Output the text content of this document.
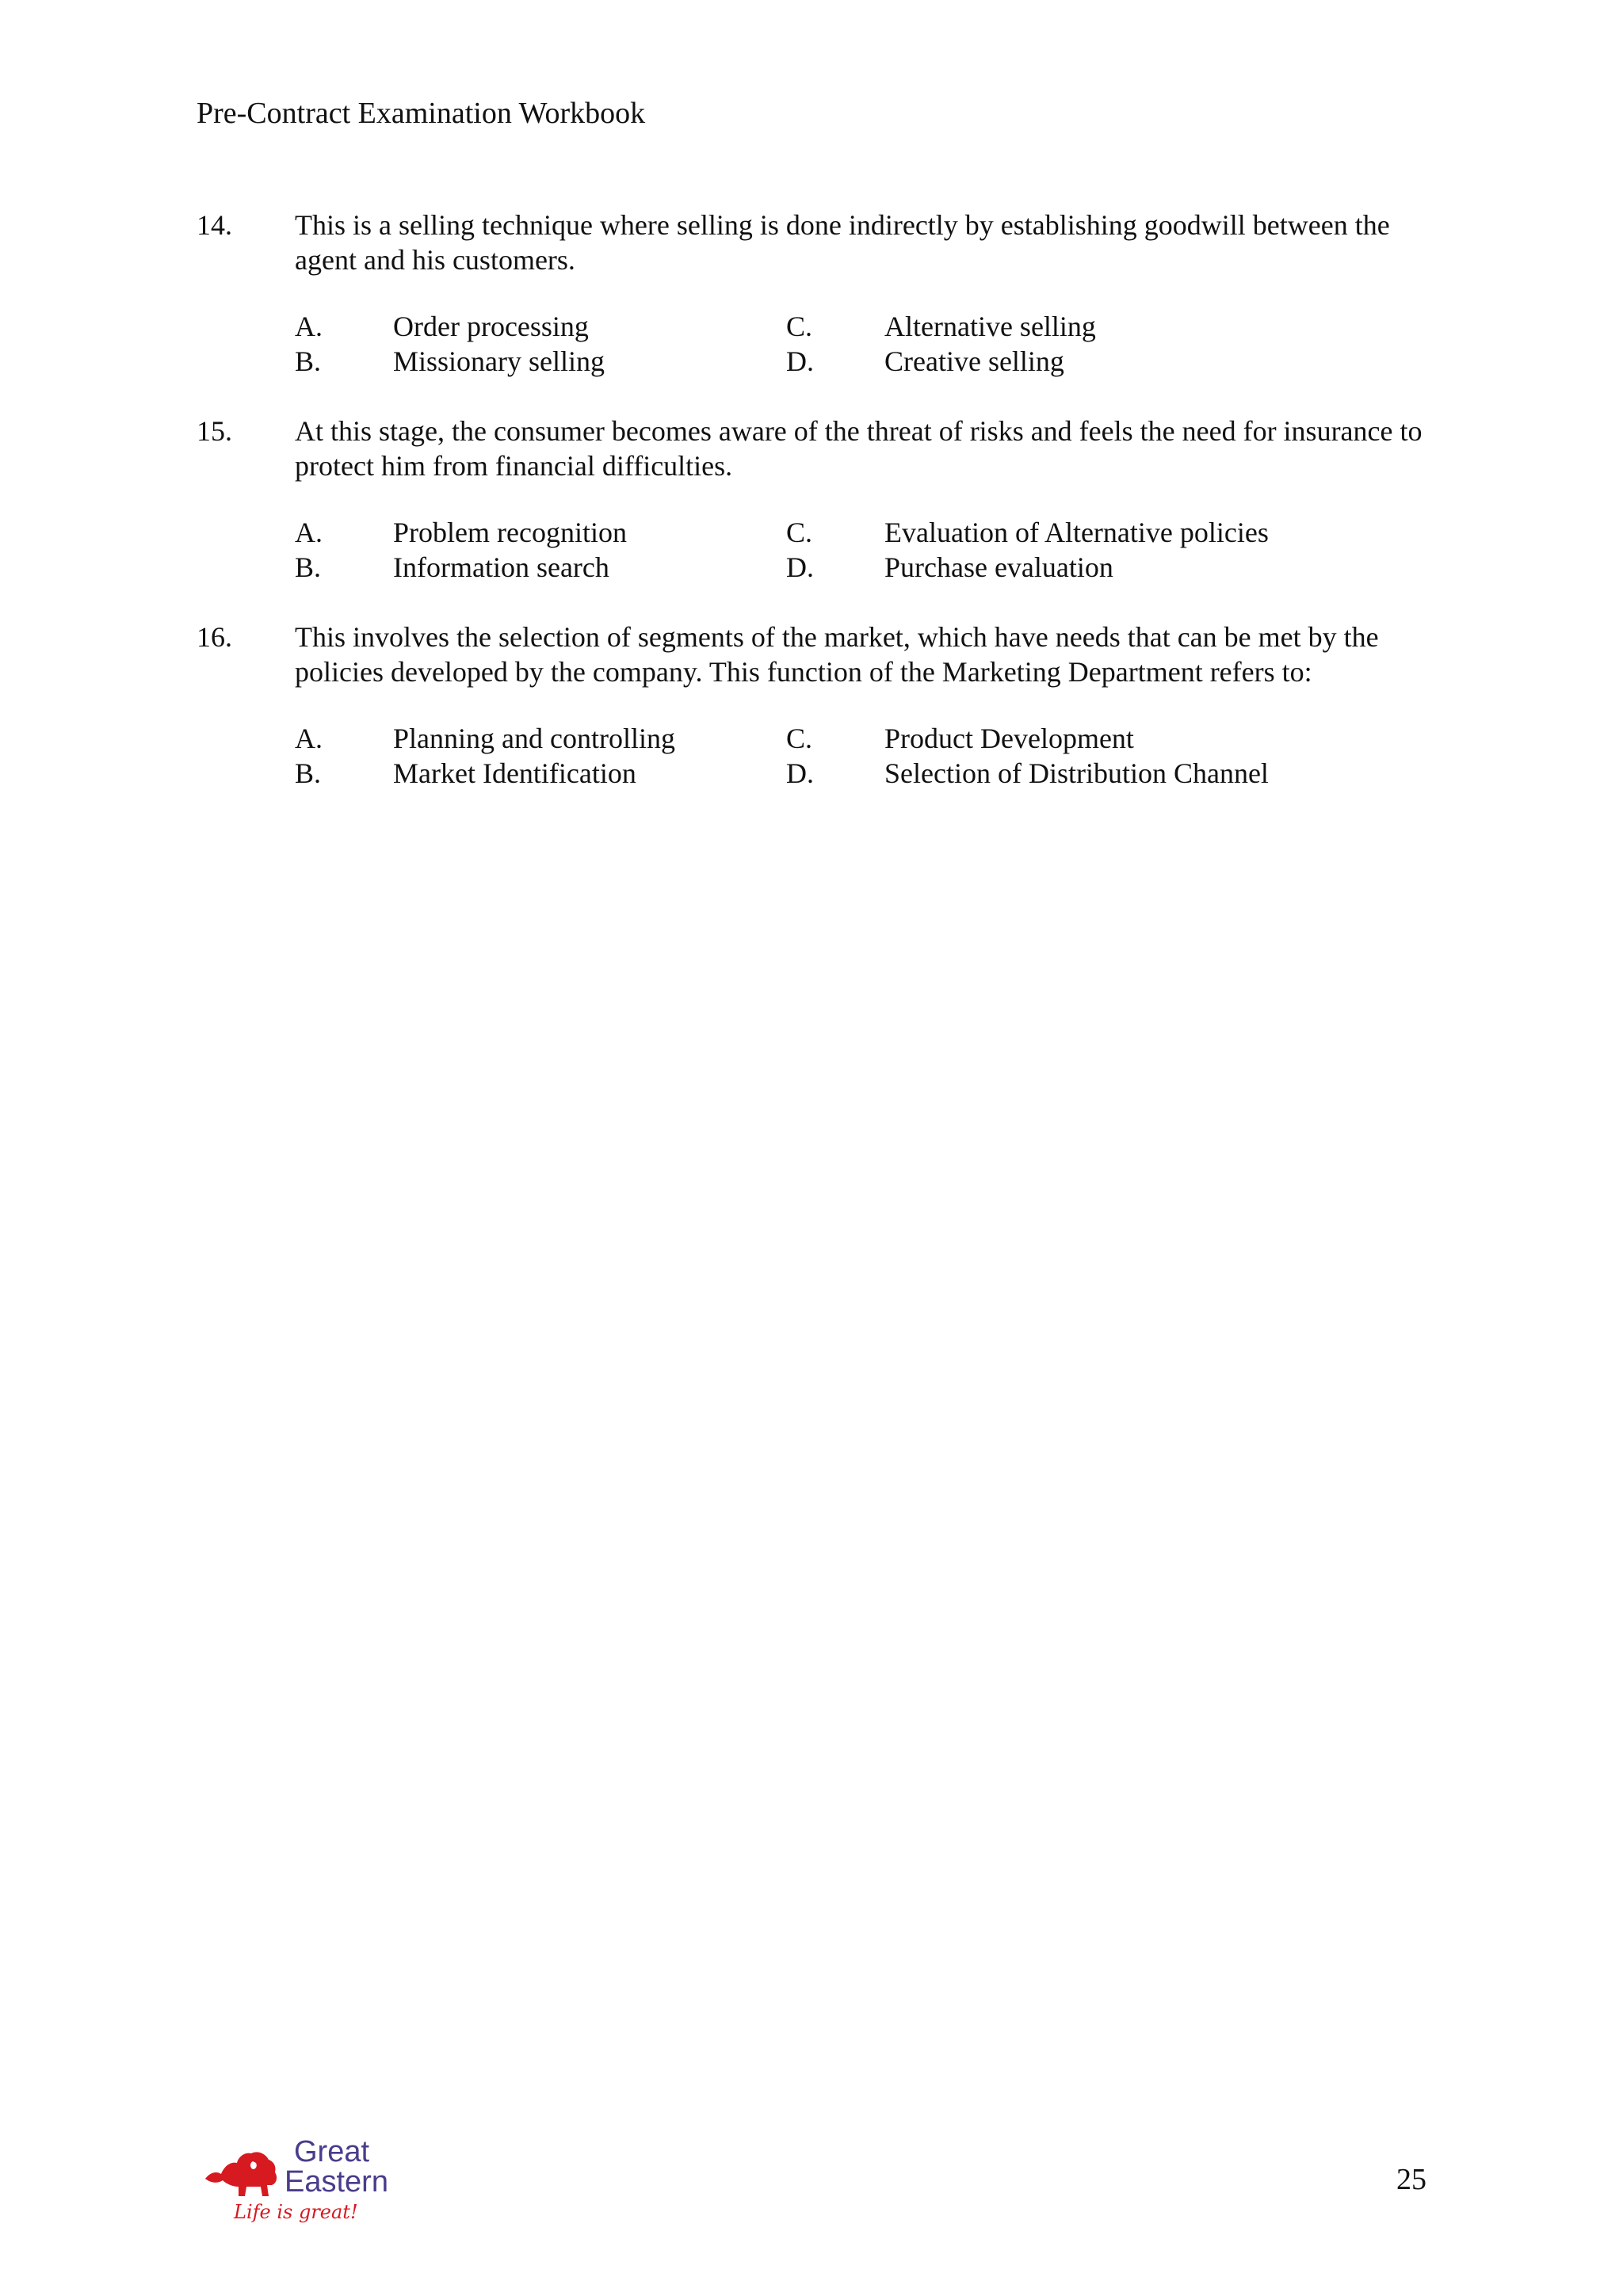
Pre-Contract Examination Workbook
14. This is a selling technique where selling is done indirectly by establishing goodwill between the agent and his customers.
A. Order processing
B.	Missionary selling
C.	Alternative selling
D. Creative selling
15. At this stage, the consumer becomes aware of the threat of risks and feels the need for insurance to protect him from financial difficulties.
A. Problem recognition
B.	Information search
C.	Evaluation of Alternative policies
D. Purchase evaluation
16. This involves the selection of segments of the market, which have needs that can be met by the policies developed by the company. This function of the Marketing Department refers to:
A. Planning and controlling
B.	Market Identification
C.	Product Development
D. Selection of Distribution Channel
Great
Eastern
Life is great!
25
